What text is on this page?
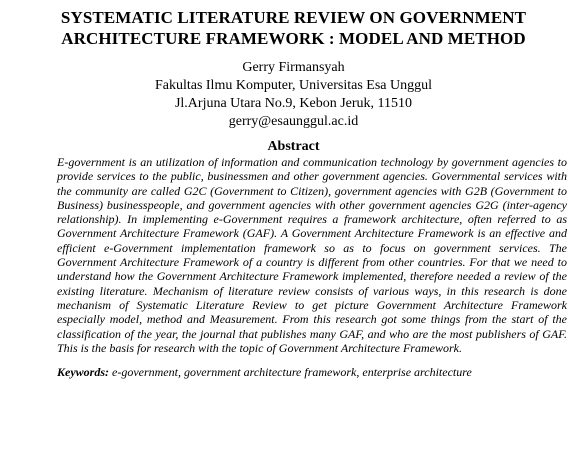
SYSTEMATIC LITERATURE REVIEW ON GOVERNMENT
ARCHITECTURE FRAMEWORK : MODEL AND METHOD
Gerry Firmansyah
Fakultas Ilmu Komputer, Universitas Esa Unggul
Jl.Arjuna Utara No.9, Kebon Jeruk, 11510
gerry@esaunggul.ac.id
Abstract

E-government is an utilization of information and communication technology by government agencies to provide services to the public, businessmen and other government agencies. Governmental services with the community are called G2C (Government to Citizen), government agencies with G2B (Government to Business) businesspeople, and government agencies with other government agencies G2G (inter-agency relationship). In implementing e-Government requires a framework architecture, often referred to as Government Architecture Framework (GAF). A Government Architecture Framework is an effective and efficient e-Government implementation framework so as to focus on government services. The Government Architecture Framework of a country is different from other countries. For that we need to understand how the Government Architecture Framework implemented, therefore needed a review of the existing literature. Mechanism of literature review consists of various ways, in this research is done mechanism of Systematic Literature Review to get picture Government Architecture Framework especially model, method and Measurement. From this research got some things from the start of the classification of the year, the journal that publishes many GAF, and who are the most publishers of GAF. This is the basis for research with the topic of Government Architecture Framework.

Keywords: e-government, government architecture framework, enterprise architecture
